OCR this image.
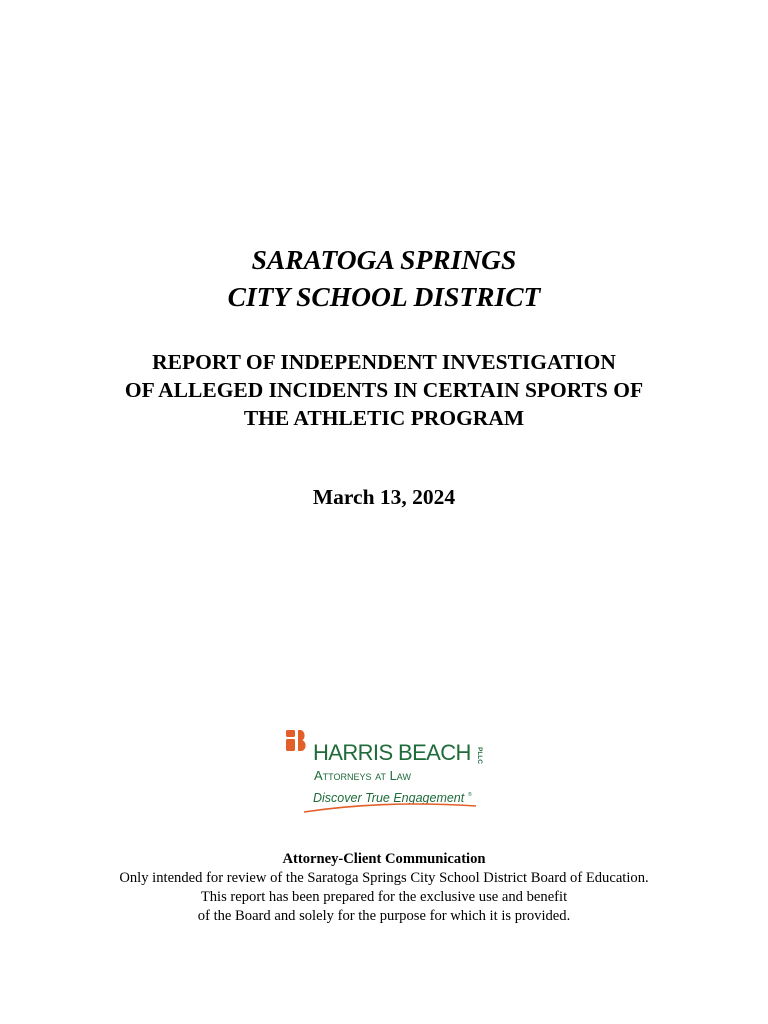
SARATOGA SPRINGS
CITY SCHOOL DISTRICT
REPORT OF INDEPENDENT INVESTIGATION
OF ALLEGED INCIDENTS IN CERTAIN SPORTS OF
THE ATHLETIC PROGRAM
March 13, 2024
HARRIS BEACH PLLC
Attorneys at Law
Discover True Engagement ®
Attorney-Client Communication
Only intended for review of the Saratoga Springs City School District Board of Education.
This report has been prepared for the exclusive use and benefit
of the Board and solely for the purpose for which it is provided.
